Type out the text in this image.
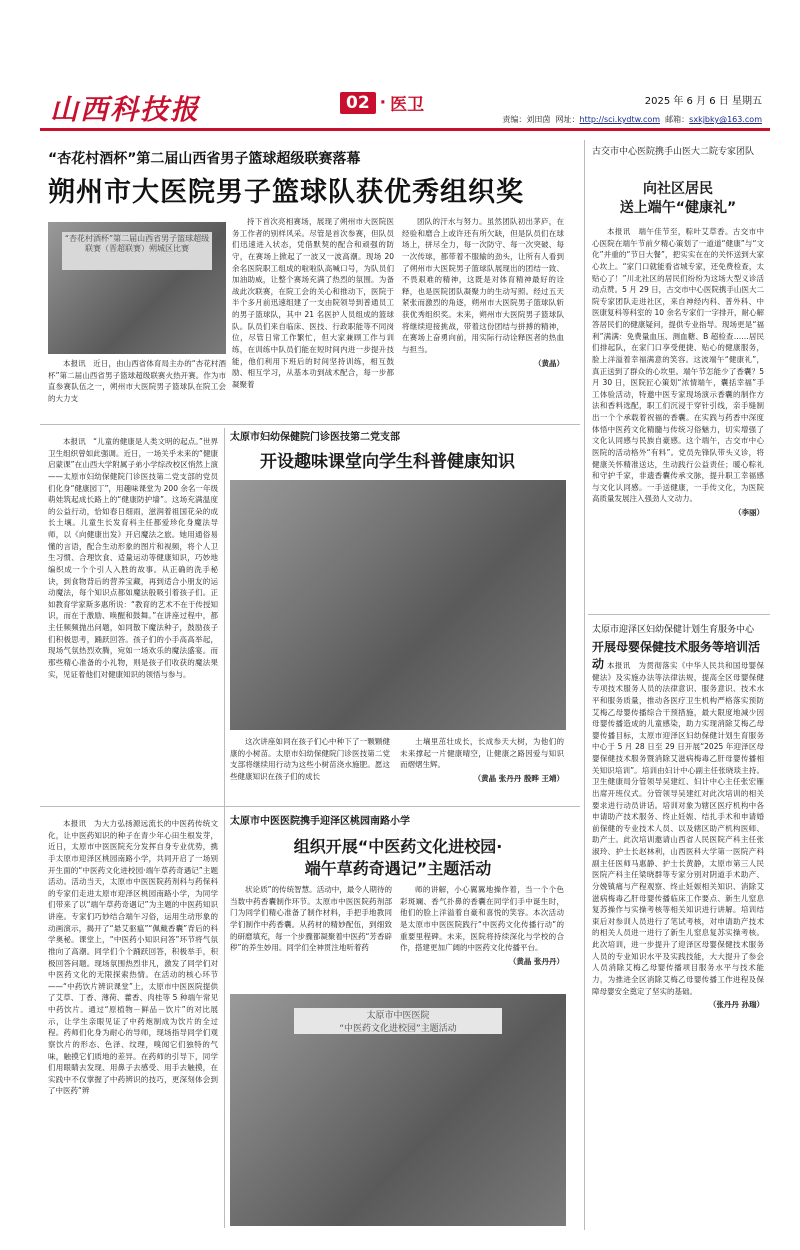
山西科技报	02 · 医卫	2025 年 6 月 6 日 星期五
责编：刘田茵 网址：http://sci.kydtw.com 邮箱：sxkjbky@163.com
“杏花村酒杯”第二届山西省男子篮球超级联赛落幕
朔州市大医院男子篮球队获优秀组织奖
“杏花村酒杯”第二届山西省男子篮球超级联赛（晋超联赛）朔城区比赛

本报讯　近日，由山西省体育局主办的“杏花村酒杯”第二届山西省男子篮球超级联赛火热开赛。作为市直参赛队伍之一，朔州市大医院男子篮球队在院工会的大力支

持下首次亮相赛场，展现了朔州市大医院医务工作者的别样风采。尽管是首次参赛，但队员们迅速进入状态，凭借默契的配合和顽强的防守，在赛场上掀起了一波又一波高潮。现场 20 余名医院职工组成的啦啦队高喊口号，为队员们加油助威，让整个赛场充满了热烈的氛围。为备战此次联赛，在院工会的关心和推动下，医院于半个多月前迅速组建了一支由院领导到普通员工的男子篮球队，其中 21 名医护人员组成的篮球队。队员们来自临床、医技、行政职能等不同岗位，尽管日常工作繁忙，但大家兼顾工作与训练，在训练中队员们能在短时间内进一步提升技能，他们利用下班后的时间坚持训练，相互鼓励、相互学习，从基本功到战术配合，每一步都凝聚着

团队的汗水与努力。虽然团队初出茅庐，在经验和磨合上或许还有所欠缺，但是队员们在球场上，拼尽全力，每一次防守、每一次突破、每一次传球，都带着不服输的劲头，让所有人看到了朔州市大医院男子篮球队展现出的团结一致、不畏艰难的精神，这既是对体育精神最好的诠释，也是医院团队凝聚力的生动写照。经过五天紧张而激烈的角逐，朔州市大医院男子篮球队斩获优秀组织奖。未来，朔州市大医院男子篮球队将继续迎接挑战，带着这份团结与拼搏的精神，在赛场上奋勇向前，用实际行动诠释医者的热血与担当。

（黄晶）
古交市中心医院携手山医大二院专家团队
向社区居民
送上端午“健康礼”

本报讯　端午佳节至，粽叶艾草香。古交市中心医院在端午节前夕精心策划了一道道“健康”与“文化”并重的“节日大餐”，把实实在在的关怀送到大家心坎上。“家门口就能看省城专家，还免费检查，太贴心了！”川北社区的居民们纷纷为这场大型义诊活动点赞。5 月 29 日，古交市中心医院携手山医大二院专家团队走进社区，来自神经内科、普外科、中医康复科等科室的 10 余名专家们一字排开，耐心解答居民们的健康疑问，提供专业指导。现场更是“福利”满满：免费量血压、测血糖、B 超检查……居民们排起队，在家门口享受便捷、贴心的健康服务，脸上洋溢着幸福满意的笑容。这波端午“健康礼”，真正送到了群众的心坎里。端午节怎能少了香囊？5 月 30 日，医院匠心策划“浓情端午，囊括幸福”手工体验活动，特邀中医专家现场演示香囊的制作方法和香料选配，职工们沉浸于穿针引线，亲手缝制出一个个承载着祝福的香囊。在实践与药香中深度体悟中医药文化精髓与传统习俗魅力，切实增强了文化认同感与民族自豪感。这个端午，古交市中心医院的活动格外“有料”。党员先锋队带头义诊，将健康关怀精准送达，生动践行公益责任；暖心粽礼和守护千家，非遗香囊传承文脉，提升职工幸福感与文化认同感。一手送健康，一手传文化，为医院高质量发展注入强劲人文动力。

（李丽）
太原市迎泽区妇幼保健计划生育服务中心
开展母婴保健技术服务等培训活动 本报讯　为贯彻落实《中华人民共和国母婴保健法》及实施办法等法律法规，提高全区母婴保健专项技术服务人员的法律意识、服务意识、技术水平和服务质量，推动各医疗卫生机构严格落实预防艾梅乙母婴传播综合干预措施，最大限度地减少因母婴传播造成的儿童感染，助力实现消除艾梅乙母婴传播目标，太原市迎泽区妇幼保健计划生育服务中心于 5 月 28 日至 29 日开展“2025 年迎泽区母婴保健技术服务暨消除艾滋病梅毒乙肝母婴传播相关知识培训”。培训由妇计中心副主任张晓琰主持。卫生健康局分管领导吴建红、妇计中心主任张宏雁出席开班仪式。分管领导吴建红对此次培训的相关要求进行动员讲话。培训对象为辖区医疗机构中各申请助产技术服务、终止妊娠、结扎手术和申请婚前保健的专业技术人员、以及辖区助产机构医师、助产士。此次培训邀请山西省人民医院产科主任张淑玲、护士长赵林利，山西医科大学第一医院产科副主任医师马惠静、护士长黄静，太原市第三人民医院产科主任梁晓群等专家分别对阴道手术助产、分娩镇痛与产程观察、终止妊娠相关知识、消除艾滋病梅毒乙肝母婴传播临床工作要点、新生儿窒息复苏操作与实操考核等相关知识进行讲解。培训结束后对参训人员进行了笔试考核，对申请助产技术的相关人员进一进行了新生儿窒息复苏实操考核。此次培训，进一步提升了迎泽区母婴保健技术服务人员的专业知识水平及实践技能，大大提升了参会人员消除艾梅乙母婴传播项目服务水平与技术能力，为推进全区消除艾梅乙母婴传播工作进程及保障母婴安全奠定了坚实的基础。

（张丹丹 孙瑞）

本报讯　“儿童的健康是人类文明的起点。”世界卫生组织曾如此强调。近日，一场关乎未来的“健康启蒙课”在山西大学附属子弟小学综改校区悄然上演——太原市妇幼保健院门诊医技第二党支部的党员们化身“健康园丁”，用趣味课堂为 200 余名一年级萌娃筑起成长路上的“健康防护墙”。这场充满温度的公益行动，恰如春日细雨，滋润着祖国花朵的成长土壤。儿童生长发育科主任都爱珍化身魔法导师，以《向健康出发》开启魔法之旅。她用通俗易懂的言语，配合生动形象的图片和视频，将个人卫生习惯、合理饮食、适量运动等健康知识，巧妙地编织成一个个引人入胜的故事。从正确的洗手秘诀，到食物背后的营养宝藏，再到适合小朋友的运动魔法，每个知识点都如魔法般吸引着孩子们。正如教育学家斯多惠所说：“教育的艺术不在于传授知识，而在于激励、唤醒和鼓舞。”在讲座过程中，都主任频频抛出问题，如同散下魔法种子，鼓励孩子们积极思考，踊跃回答。孩子们的小手高高举起，现场气氛热烈欢腾，宛如一场欢乐的魔法盛宴。而那些精心准备的小礼物，则是孩子们收获的魔法果实，见证着他们对健康知识的领悟与参与。

太原市妇幼保健院门诊医技第二党支部
开设趣味课堂向学生科普健康知识

这次讲座如同在孩子们心中种下了一颗颗健康的小树苗。太原市妇幼保健院门诊医技第二党支部将继续用行动为这些小树苗浇水施肥。愿这些健康知识在孩子们的成长

土壤里茁壮成长，长成参天大树，为他们的未来撑起一片健康晴空，让健康之路因爱与知识而熠熠生辉。

（黄晶 张丹丹 殷晔 王靖）

本报讯　为大力弘扬源远流长的中医药传统文化，让中医药知识的种子在青少年心田生根发芽，近日，太原市中医医院充分发挥自身专业优势，携手太原市迎泽区桃园南路小学，共同开启了一场别开生面的“中医药文化进校园·端午草药奇遇记”主题活动。活动当天，太原市中医医院药剂科与药保科的专家们走进太原市迎泽区桃园南路小学，为同学们带来了以“端午草药奇遇记”为主题的中医药知识讲座。专家们巧妙结合端午习俗，运用生动形象的动画演示，揭开了“悬艾驱瘟”“佩戴香囊”背后的科学奥秘。课堂上，“中医药小知识问答”环节将气氛推向了高潮。同学们个个踊跃回答，积极举手，积极回答问题。现场氛围热烈非凡，激发了同学们对中医药文化的无限探索热情。在活动的核心环节——“中药饮片辨识课堂”上，太原市中医医院提供了艾草、丁香、薄荷、藿香、肉桂等 5 种端午常见中药饮片。通过“原植物－鲜品－饮片”的对比展示，让学生亲眼见证了中药炮制成为饮片的全过程。药师们化身为耐心的导师，现场指导同学们观察饮片的形态、色泽、纹理，嗅闻它们独特的气味，触摸它们质地的差异。在药师的引导下，同学们用眼睛去发现、用鼻子去感受、用手去触摸，在实践中不仅掌握了中药辨识的技巧，更深刻体会到了中医药“辨

太原市中医医院携手迎泽区桃园南路小学
组织开展“中医药文化进校园·
端午草药奇遇记”主题活动

状论质”的传统智慧。活动中，最令人期待的当数中药香囊制作环节。太原市中医医院药剂部门为同学们精心准备了制作材料，手把手地教同学们制作中药香囊。从药材的精妙配伍，到细致的研磨填充，每一个步骤都凝聚着中医药“芳香辟秽”的养生妙用。同学们全神贯注地听着药

师的讲解，小心翼翼地操作着，当一个个色彩斑斓、香气扑鼻的香囊在同学们手中诞生时，他们的脸上洋溢着自豪和喜悦的笑容。本次活动是太原市中医医院践行“中医药文化传播行动”的重要里程碑。未来，医院将持续深化与学校的合作，搭建更加广阔的中医药文化传播平台。

（黄晶 张丹丹）
太原市中医医院
“中医药文化进校园”主题活动
